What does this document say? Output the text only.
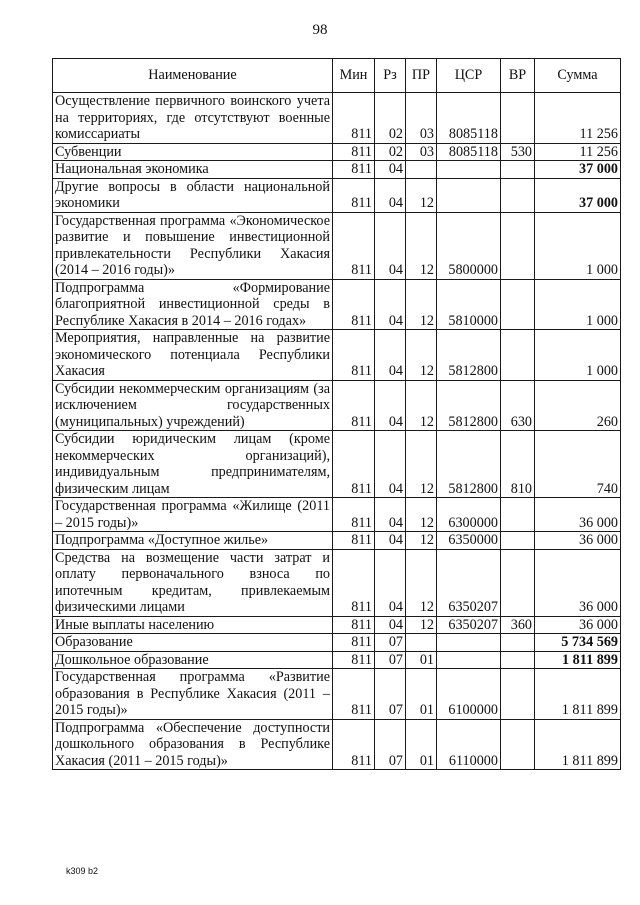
98
Наименование	Мин	Рз	ПР	ЦСР	ВР	Сумма
Осуществление первичного воинского учета на территориях, где отсутствуют военные комиссариаты	811	02	03	8085118		11 256
Субвенции	811	02	03	8085118	530	11 256
Национальная экономика	811	04				37 000
Другие вопросы в области национальной экономики	811	04	12			37 000
Государственная программа «Экономическое развитие и повышение инвестиционной привлекательности Республики Хакасия (2014 – 2016 годы)»	811	04	12	5800000		1 000
Подпрограмма «Формирование благоприятной инвестиционной среды в Республике Хакасия в 2014 – 2016 годах»	811	04	12	5810000		1 000
Мероприятия, направленные на развитие экономического потенциала Республики Хакасия	811	04	12	5812800		1 000
Субсидии некоммерческим организациям (за исключением государственных (муниципальных) учреждений)	811	04	12	5812800	630	260
Субсидии юридическим лицам (кроме некоммерческих организаций), индивидуальным предпринимателям, физическим лицам	811	04	12	5812800	810	740
Государственная программа «Жилище (2011 – 2015 годы)»	811	04	12	6300000		36 000
Подпрограмма «Доступное жилье»	811	04	12	6350000		36 000
Средства на возмещение части затрат и оплату первоначального взноса по ипотечным кредитам, привлекаемым физическими лицами	811	04	12	6350207		36 000
Иные выплаты населению	811	04	12	6350207	360	36 000
Образование	811	07				5 734 569
Дошкольное образование	811	07	01			1 811 899
Государственная программа «Развитие образования в Республике Хакасия (2011 – 2015 годы)»	811	07	01	6100000		1 811 899
Подпрограмма «Обеспечение доступности дошкольного образования в Республике Хакасия (2011 – 2015 годы)»	811	07	01	6110000		1 811 899
k309 b2
